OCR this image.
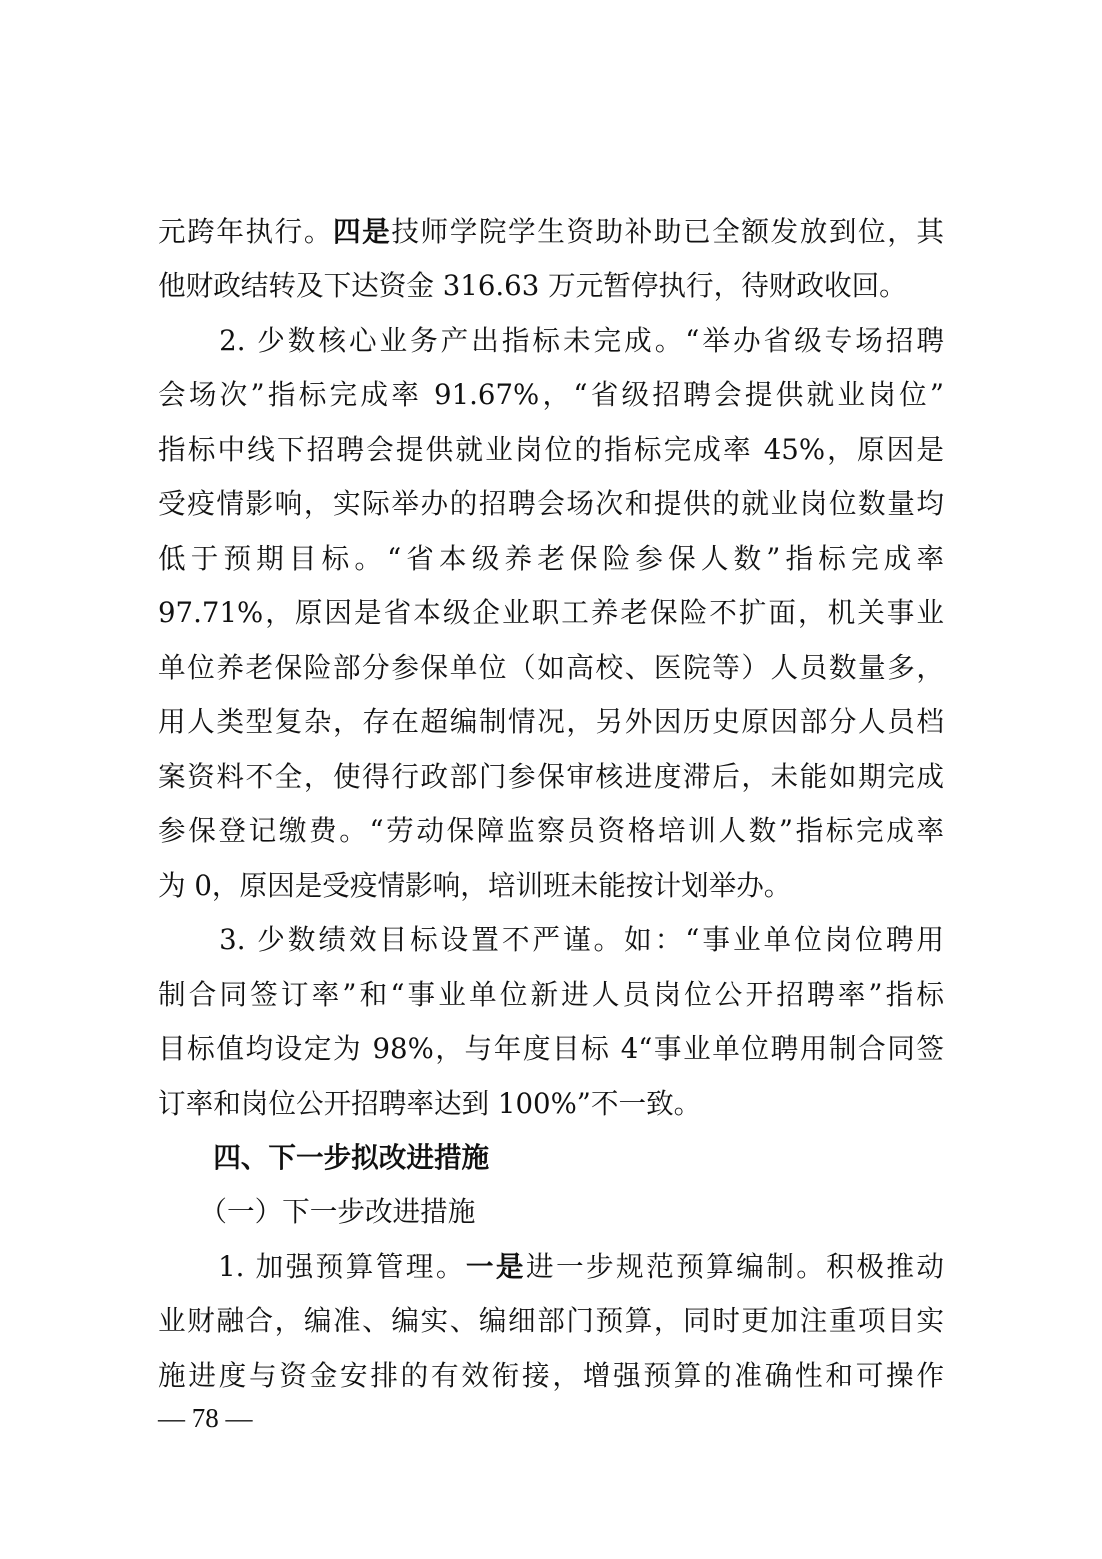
元跨年执行。四是技师学院学生资助补助已全额发放到位，其
他财政结转及下达资金 316.63 万元暂停执行，待财政收回。
　　2. 少数核心业务产出指标未完成。“举办省级专场招聘
会场次”指标完成率 91.67%，“省级招聘会提供就业岗位”
指标中线下招聘会提供就业岗位的指标完成率 45%，原因是
受疫情影响，实际举办的招聘会场次和提供的就业岗位数量均
低于预期目标。“省本级养老保险参保人数”指标完成率
97.71%，原因是省本级企业职工养老保险不扩面，机关事业
单位养老保险部分参保单位（如高校、医院等）人员数量多，
用人类型复杂，存在超编制情况，另外因历史原因部分人员档
案资料不全，使得行政部门参保审核进度滞后，未能如期完成
参保登记缴费。“劳动保障监察员资格培训人数”指标完成率
为 0，原因是受疫情影响，培训班未能按计划举办。
　　3. 少数绩效目标设置不严谨。如：“事业单位岗位聘用
制合同签订率”和“事业单位新进人员岗位公开招聘率”指标
目标值均设定为 98%，与年度目标 4“事业单位聘用制合同签
订率和岗位公开招聘率达到 100%”不一致。
　　四、下一步拟改进措施
　　（一）下一步改进措施
　　1. 加强预算管理。一是进一步规范预算编制。积极推动
业财融合，编准、编实、编细部门预算，同时更加注重项目实
施进度与资金安排的有效衔接，增强预算的准确性和可操作
— 78 —
